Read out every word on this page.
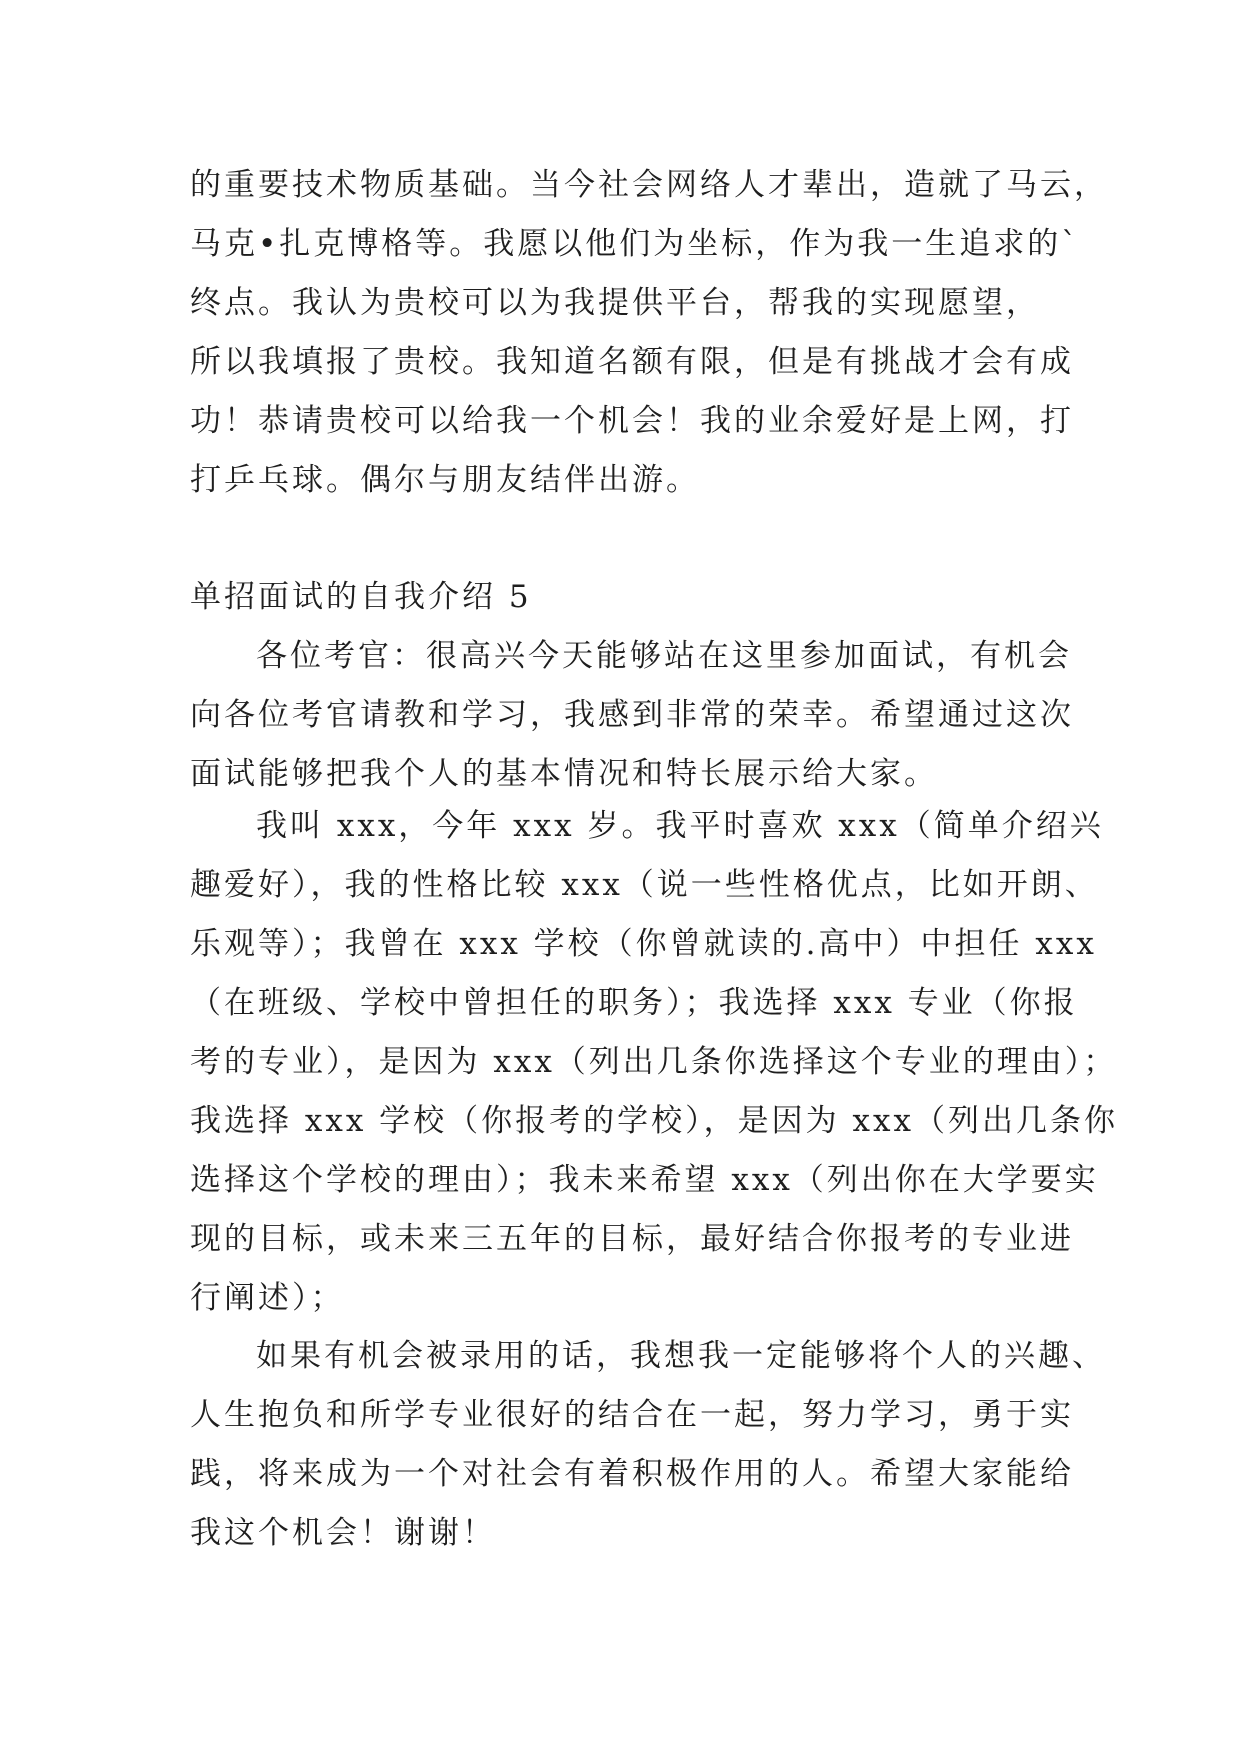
的重要技术物质基础。当今社会网络人才辈出，造就了马云，
马克•扎克博格等。我愿以他们为坐标，作为我一生追求的`
终点。我认为贵校可以为我提供平台，帮我的实现愿望，
所以我填报了贵校。我知道名额有限，但是有挑战才会有成
功！恭请贵校可以给我一个机会！我的业余爱好是上网，打
打乒乓球。偶尔与朋友结伴出游。
单招面试的自我介绍 5
各位考官：很高兴今天能够站在这里参加面试，有机会
向各位考官请教和学习，我感到非常的荣幸。希望通过这次
面试能够把我个人的基本情况和特长展示给大家。
我叫 xxx，今年 xxx 岁。我平时喜欢 xxx（简单介绍兴
趣爱好），我的性格比较 xxx（说一些性格优点，比如开朗、
乐观等）；我曾在 xxx 学校（你曾就读的.高中）中担任 xxx
（在班级、学校中曾担任的职务）；我选择 xxx 专业（你报
考的专业），是因为 xxx（列出几条你选择这个专业的理由）；
我选择 xxx 学校（你报考的学校），是因为 xxx（列出几条你
选择这个学校的理由）；我未来希望 xxx（列出你在大学要实
现的目标，或未来三五年的目标，最好结合你报考的专业进
行阐述）；
如果有机会被录用的话，我想我一定能够将个人的兴趣、
人生抱负和所学专业很好的结合在一起，努力学习，勇于实
践，将来成为一个对社会有着积极作用的人。希望大家能给
我这个机会！谢谢！
